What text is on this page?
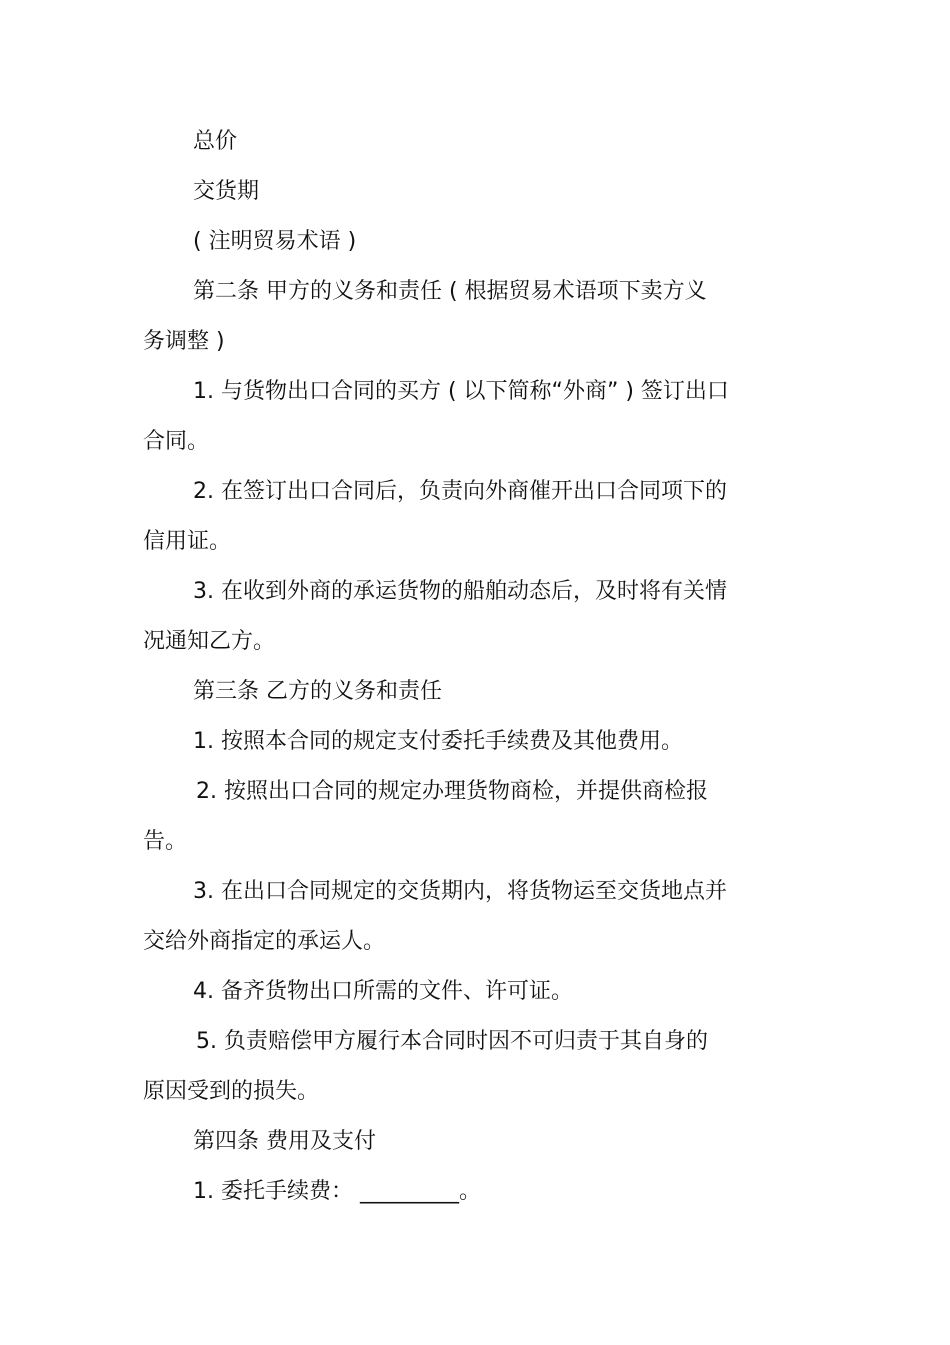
总价
交货期
( 注明贸易术语 )
第二条 甲方的义务和责任 ( 根据贸易术语项下卖方义
务调整 )
1. 与货物出口合同的买方 ( 以下简称“外商” ) 签订出口
合同。
2. 在签订出口合同后，负责向外商催开出口合同项下的
信用证。
3. 在收到外商的承运货物的船舶动态后，及时将有关情
况通知乙方。
第三条 乙方的义务和责任
1. 按照本合同的规定支付委托手续费及其他费用。
2. 按照出口合同的规定办理货物商检，并提供商检报
告。
3. 在出口合同规定的交货期内，将货物运至交货地点并
交给外商指定的承运人。
4. 备齐货物出口所需的文件、许可证。
5. 负责赔偿甲方履行本合同时因不可归责于其自身的
原因受到的损失。
第四条 费用及支付
1. 委托手续费： _________。
